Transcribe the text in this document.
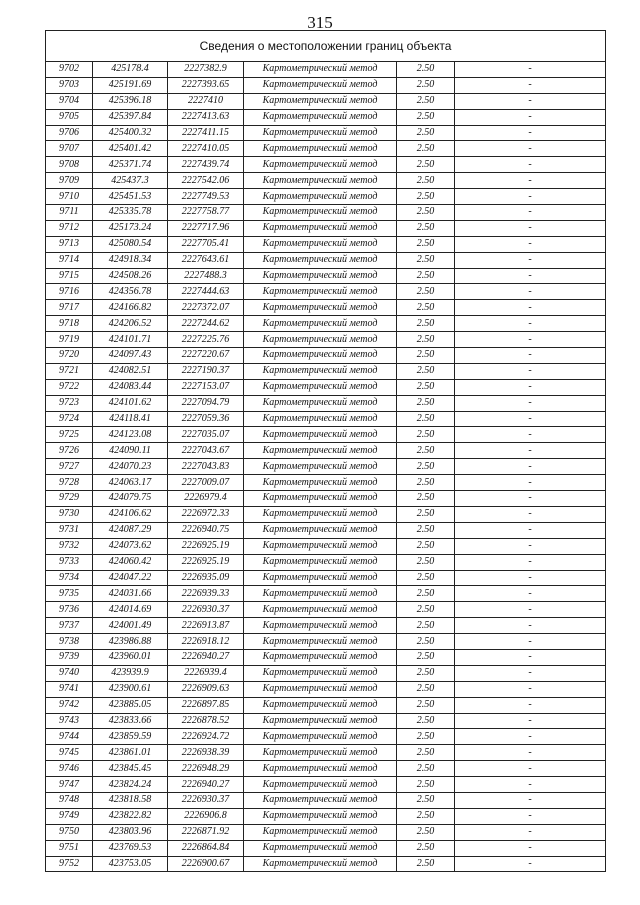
315
Сведения о местоположении границ объекта					
9702	425178.4	2227382.9	Картометрический метод	2.50	-
9703	425191.69	2227393.65	Картометрический метод	2.50	-
9704	425396.18	2227410	Картометрический метод	2.50	-
9705	425397.84	2227413.63	Картометрический метод	2.50	-
9706	425400.32	2227411.15	Картометрический метод	2.50	-
9707	425401.42	2227410.05	Картометрический метод	2.50	-
9708	425371.74	2227439.74	Картометрический метод	2.50	-
9709	425437.3	2227542.06	Картометрический метод	2.50	-
9710	425451.53	2227749.53	Картометрический метод	2.50	-
9711	425335.78	2227758.77	Картометрический метод	2.50	-
9712	425173.24	2227717.96	Картометрический метод	2.50	-
9713	425080.54	2227705.41	Картометрический метод	2.50	-
9714	424918.34	2227643.61	Картометрический метод	2.50	-
9715	424508.26	2227488.3	Картометрический метод	2.50	-
9716	424356.78	2227444.63	Картометрический метод	2.50	-
9717	424166.82	2227372.07	Картометрический метод	2.50	-
9718	424206.52	2227244.62	Картометрический метод	2.50	-
9719	424101.71	2227225.76	Картометрический метод	2.50	-
9720	424097.43	2227220.67	Картометрический метод	2.50	-
9721	424082.51	2227190.37	Картометрический метод	2.50	-
9722	424083.44	2227153.07	Картометрический метод	2.50	-
9723	424101.62	2227094.79	Картометрический метод	2.50	-
9724	424118.41	2227059.36	Картометрический метод	2.50	-
9725	424123.08	2227035.07	Картометрический метод	2.50	-
9726	424090.11	2227043.67	Картометрический метод	2.50	-
9727	424070.23	2227043.83	Картометрический метод	2.50	-
9728	424063.17	2227009.07	Картометрический метод	2.50	-
9729	424079.75	2226979.4	Картометрический метод	2.50	-
9730	424106.62	2226972.33	Картометрический метод	2.50	-
9731	424087.29	2226940.75	Картометрический метод	2.50	-
9732	424073.62	2226925.19	Картометрический метод	2.50	-
9733	424060.42	2226925.19	Картометрический метод	2.50	-
9734	424047.22	2226935.09	Картометрический метод	2.50	-
9735	424031.66	2226939.33	Картометрический метод	2.50	-
9736	424014.69	2226930.37	Картометрический метод	2.50	-
9737	424001.49	2226913.87	Картометрический метод	2.50	-
9738	423986.88	2226918.12	Картометрический метод	2.50	-
9739	423960.01	2226940.27	Картометрический метод	2.50	-
9740	423939.9	2226939.4	Картометрический метод	2.50	-
9741	423900.61	2226909.63	Картометрический метод	2.50	-
9742	423885.05	2226897.85	Картометрический метод	2.50	-
9743	423833.66	2226878.52	Картометрический метод	2.50	-
9744	423859.59	2226924.72	Картометрический метод	2.50	-
9745	423861.01	2226938.39	Картометрический метод	2.50	-
9746	423845.45	2226948.29	Картометрический метод	2.50	-
9747	423824.24	2226940.27	Картометрический метод	2.50	-
9748	423818.58	2226930.37	Картометрический метод	2.50	-
9749	423822.82	2226906.8	Картометрический метод	2.50	-
9750	423803.96	2226871.92	Картометрический метод	2.50	-
9751	423769.53	2226864.84	Картометрический метод	2.50	-
9752	423753.05	2226900.67	Картометрический метод	2.50	-
